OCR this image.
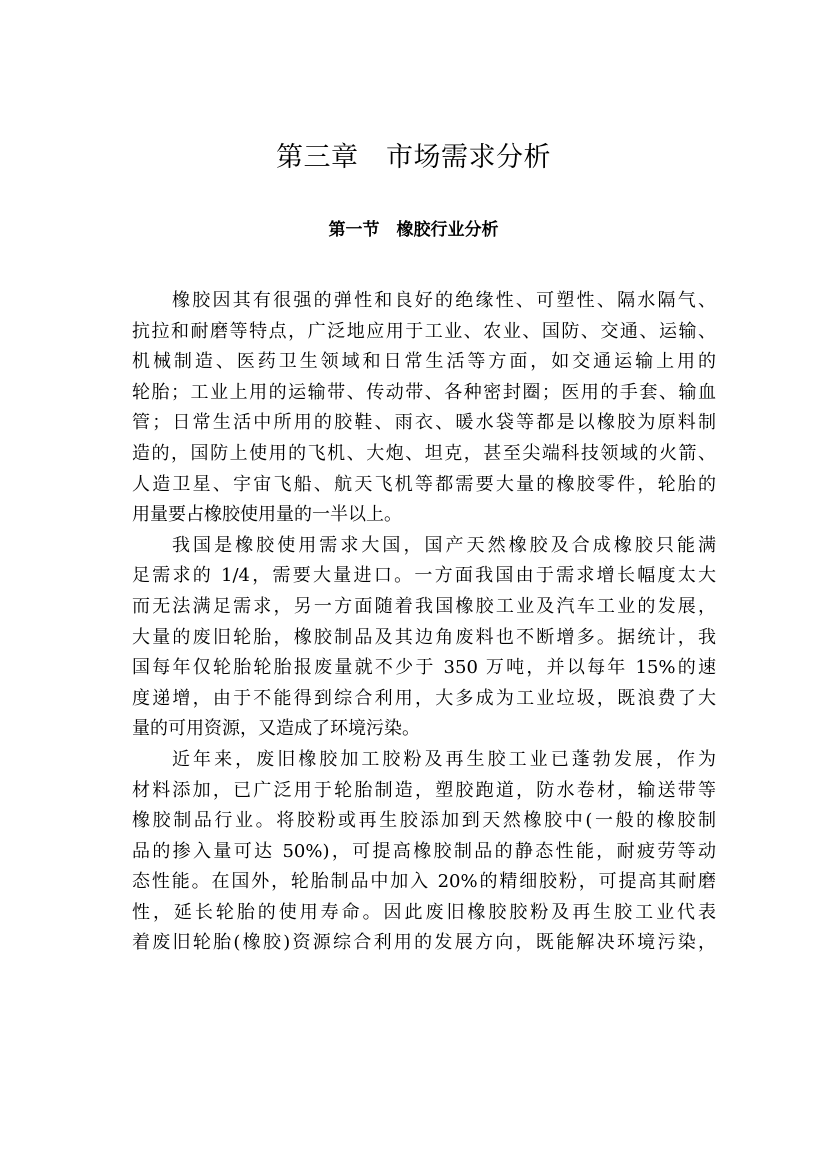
第三章　市场需求分析
第一节　橡胶行业分析
橡胶因其有很强的弹性和良好的绝缘性、可塑性、隔水隔气、
抗拉和耐磨等特点，广泛地应用于工业、农业、国防、交通、运输、
机械制造、医药卫生领域和日常生活等方面，如交通运输上用的
轮胎；工业上用的运输带、传动带、各种密封圈；医用的手套、输血
管；日常生活中所用的胶鞋、雨衣、暖水袋等都是以橡胶为原料制
造的，国防上使用的飞机、大炮、坦克，甚至尖端科技领域的火箭、
人造卫星、宇宙飞船、航天飞机等都需要大量的橡胶零件，轮胎的
用量要占橡胶使用量的一半以上。
我国是橡胶使用需求大国，国产天然橡胶及合成橡胶只能满
足需求的 1/4，需要大量进口。一方面我国由于需求增长幅度太大
而无法满足需求，另一方面随着我国橡胶工业及汽车工业的发展，
大量的废旧轮胎，橡胶制品及其边角废料也不断增多。据统计，我
国每年仅轮胎轮胎报废量就不少于 350 万吨，并以每年 15%的速
度递增，由于不能得到综合利用，大多成为工业垃圾，既浪费了大
量的可用资源，又造成了环境污染。
近年来，废旧橡胶加工胶粉及再生胶工业已蓬勃发展，作为
材料添加，已广泛用于轮胎制造，塑胶跑道，防水卷材，输送带等
橡胶制品行业。将胶粉或再生胶添加到天然橡胶中(一般的橡胶制
品的掺入量可达 50%)，可提高橡胶制品的静态性能，耐疲劳等动
态性能。在国外，轮胎制品中加入 20%的精细胶粉，可提高其耐磨
性，延长轮胎的使用寿命。因此废旧橡胶胶粉及再生胶工业代表
着废旧轮胎(橡胶)资源综合利用的发展方向，既能解决环境污染，
